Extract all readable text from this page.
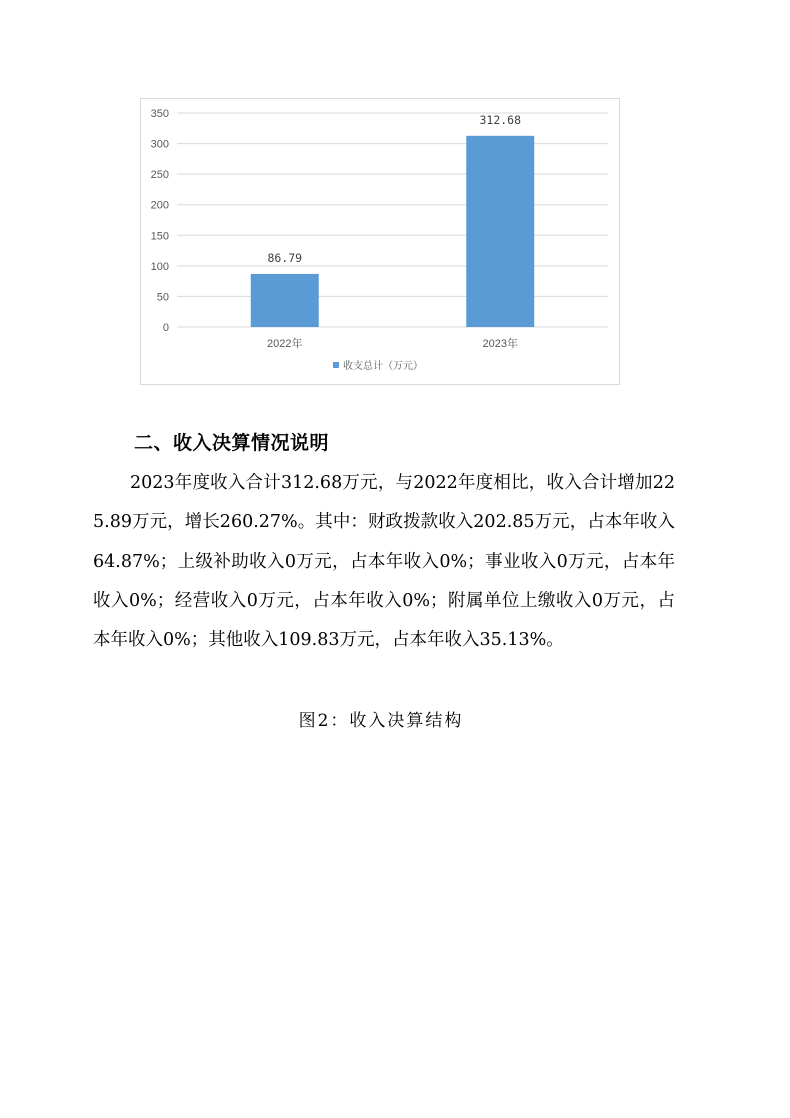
0
50
100
150
200
250
300
350
86.79
2022年
312.68
2023年
收支总计（万元）
二、收入决算情况说明

2023年度收入合计312.68万元，与2022年度相比，收入合计增加225.89万元，增长260.27%。其中：财政拨款收入202.85万元，占本年收入64.87%；上级补助收入0万元，占本年收入0%；事业收入0万元，占本年收入0%；经营收入0万元，占本年收入0%；附属单位上缴收入0万元，占本年收入0%；其他收入109.83万元，占本年收入35.13%。

图2：收入决算结构
